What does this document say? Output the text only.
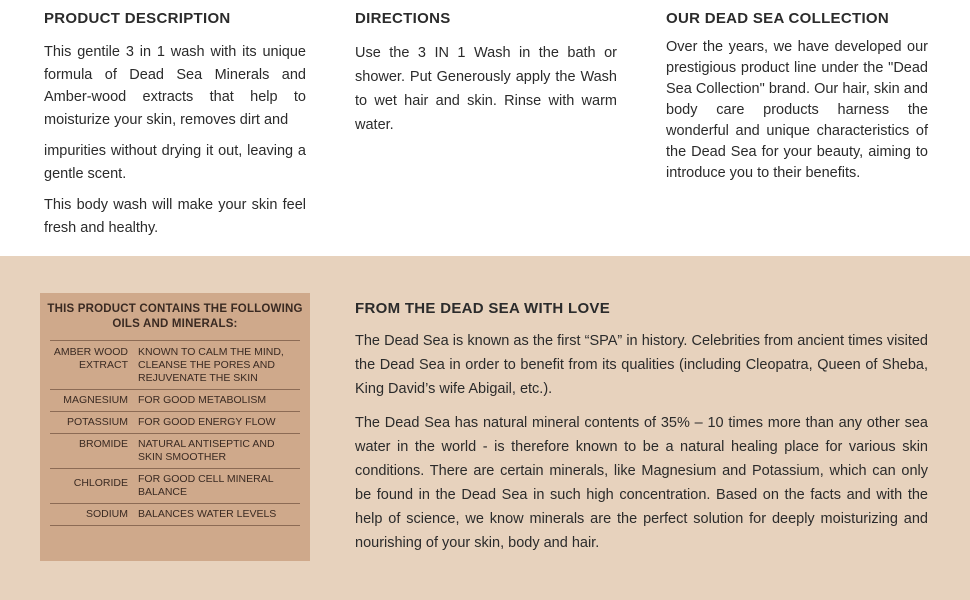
PRODUCT DESCRIPTION

This gentile 3 in 1 wash with its unique formula of Dead Sea Minerals and Amber-wood extracts that help to moisturize your skin, removes dirt and

impurities without drying it out, leaving a gentle scent.

This body wash will make your skin feel fresh and healthy.

DIRECTIONS

Use the 3 IN 1 Wash in the bath or shower. Put Generously apply the Wash to wet hair and skin. Rinse with warm water.

OUR DEAD SEA COLLECTION

Over the years, we have developed our prestigious product line under the "Dead Sea Collection" brand. Our hair, skin and body care products harness the wonderful and unique characteristics of the Dead Sea for your beauty, aiming to introduce you to their benefits.

THIS PRODUCT CONTAINS THE FOLLOWING
OILS AND MINERALS:
AMBER WOOD EXTRACT	KNOWN TO CALM THE MIND, CLEANSE THE PORES AND REJUVENATE THE SKIN
MAGNESIUM	FOR GOOD METABOLISM
POTASSIUM	FOR GOOD ENERGY FLOW
BROMIDE	NATURAL ANTISEPTIC AND SKIN SMOOTHER
CHLORIDE	FOR GOOD CELL MINERAL BALANCE
SODIUM	BALANCES WATER LEVELS
FROM THE DEAD SEA WITH LOVE

The Dead Sea is known as the first “SPA” in history. Celebrities from ancient times visited the Dead Sea in order to benefit from its qualities (including Cleopatra, Queen of Sheba, King David’s wife Abigail, etc.).

The Dead Sea has natural mineral contents of 35% – 10 times more than any other sea water in the world - is therefore known to be a natural healing place for various skin conditions. There are certain minerals, like Magnesium and Potassium, which can only be found in the Dead Sea in such high concentration. Based on the facts and with the help of science, we know minerals are the perfect solution for deeply moisturizing and nourishing of your skin, body and hair.
